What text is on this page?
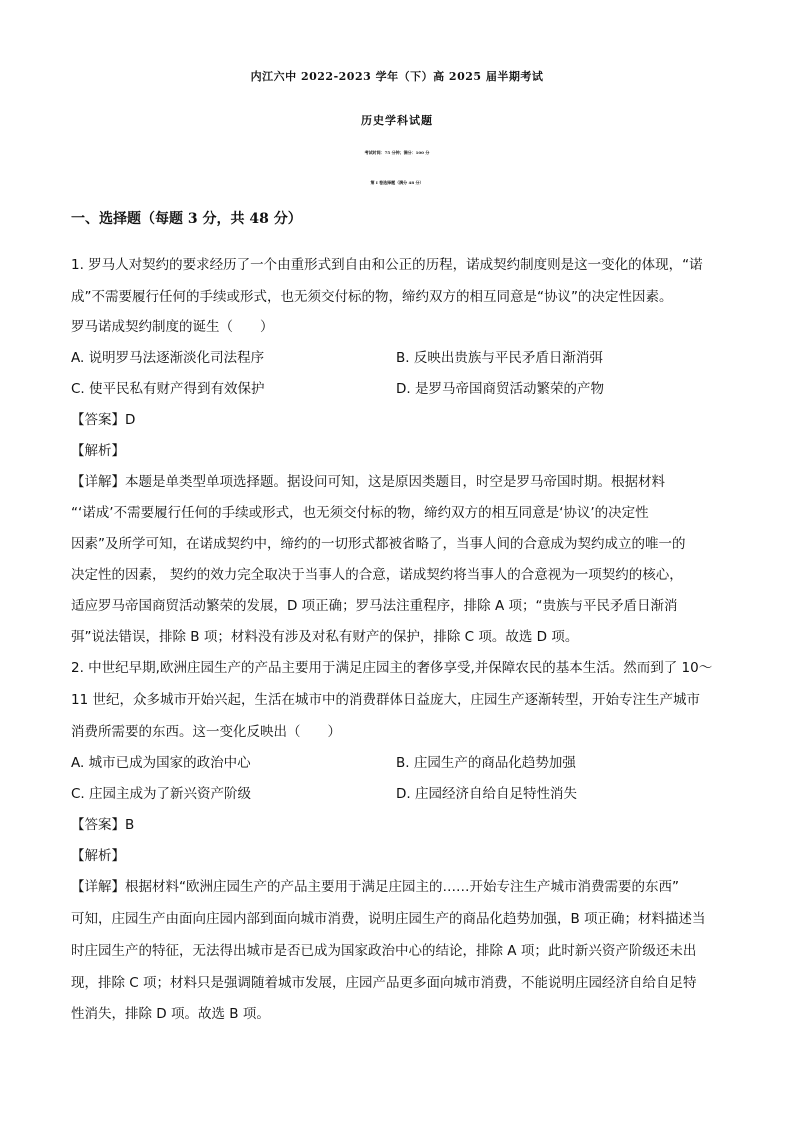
内江六中 2022-2023 学年（下）高 2025 届半期考试
历史学科试题
考试时间：75 分钟；满分：100 分
第 I 卷选择题（满分 48 分）
一、选择题（每题 3 分，共 48 分）
1. 罗马人对契约的要求经历了一个由重形式到自由和公正的历程，诺成契约制度则是这一变化的体现，“诺
成”不需要履行任何的手续或形式，也无须交付标的物，缔约双方的相互同意是“协议”的决定性因素。
罗马诺成契约制度的诞生（　　）
A. 说明罗马法逐渐淡化司法程序	B. 反映出贵族与平民矛盾日渐消弭
C. 使平民私有财产得到有效保护	D. 是罗马帝国商贸活动繁荣的产物
【答案】D
【解析】
【详解】本题是单类型单项选择题。据设问可知，这是原因类题目，时空是罗马帝国时期。根据材料
“‘诺成’不需要履行任何的手续或形式，也无须交付标的物，缔约双方的相互同意是‘协议’的决定性
因素”及所学可知，在诺成契约中，缔约的一切形式都被省略了，当事人间的合意成为契约成立的唯一的
决定性的因素， 契约的效力完全取决于当事人的合意，诺成契约将当事人的合意视为一项契约的核心，
适应罗马帝国商贸活动繁荣的发展，D 项正确；罗马法注重程序，排除 A 项；“贵族与平民矛盾日渐消
弭”说法错误，排除 B 项；材料没有涉及对私有财产的保护，排除 C 项。故选 D 项。
2. 中世纪早期,欧洲庄园生产的产品主要用于满足庄园主的奢侈享受,并保障农民的基本生活。然而到了 10～
11 世纪，众多城市开始兴起，生活在城市中的消费群体日益庞大，庄园生产逐渐转型，开始专注生产城市
消费所需要的东西。这一变化反映出（　　）
A. 城市已成为国家的政治中心	B. 庄园生产的商品化趋势加强
C. 庄园主成为了新兴资产阶级	D. 庄园经济自给自足特性消失
【答案】B
【解析】
【详解】根据材料“欧洲庄园生产的产品主要用于满足庄园主的……开始专注生产城市消费需要的东西”
可知，庄园生产由面向庄园内部到面向城市消费，说明庄园生产的商品化趋势加强，B 项正确；材料描述当
时庄园生产的特征，无法得出城市是否已成为国家政治中心的结论，排除 A 项；此时新兴资产阶级还未出
现，排除 C 项；材料只是强调随着城市发展，庄园产品更多面向城市消费，不能说明庄园经济自给自足特
性消失，排除 D 项。故选 B 项。
